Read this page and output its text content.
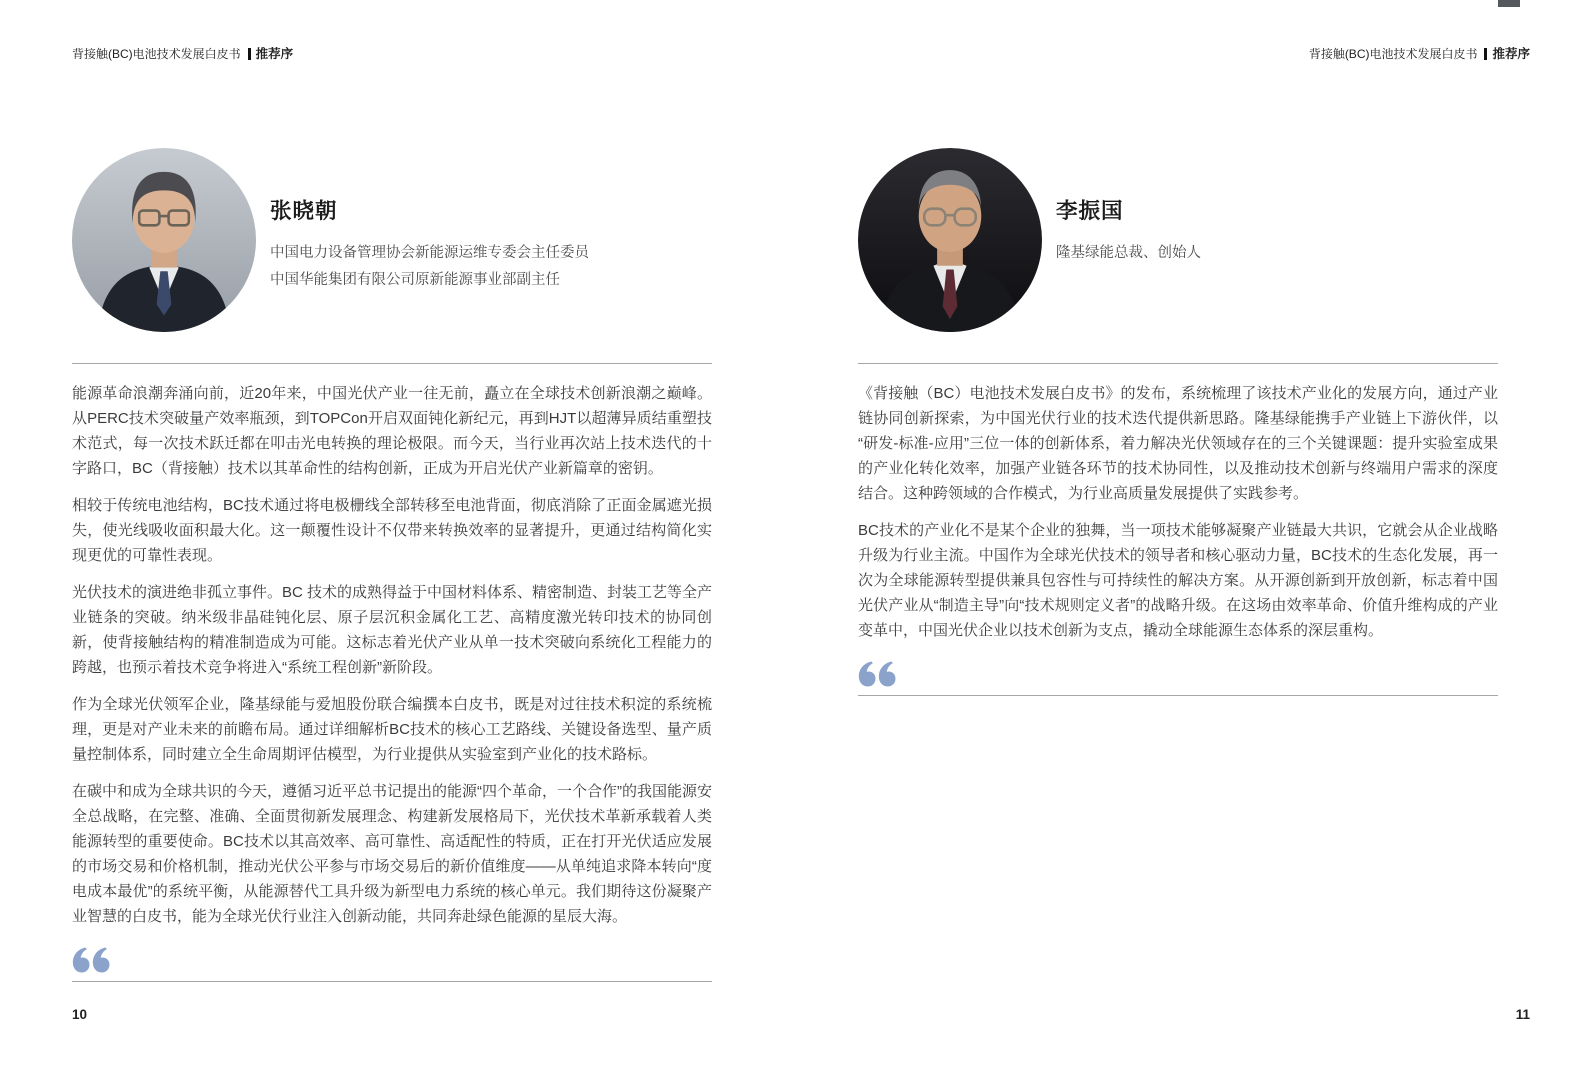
背接触(BC)电池技术发展白皮书 推荐序
张晓朝
中国电力设备管理协会新能源运维专委会主任委员
中国华能集团有限公司原新能源事业部副主任

能源革命浪潮奔涌向前，近20年来，中国光伏产业一往无前，矗立在全球技术创新浪潮之巅峰。从PERC技术突破量产效率瓶颈，到TOPCon开启双面钝化新纪元，再到HJT以超薄异质结重塑技术范式，每一次技术跃迁都在叩击光电转换的理论极限。而今天，当行业再次站上技术迭代的十字路口，BC（背接触）技术以其革命性的结构创新，正成为开启光伏产业新篇章的密钥。

相较于传统电池结构，BC技术通过将电极栅线全部转移至电池背面，彻底消除了正面金属遮光损失，使光线吸收面积最大化。这一颠覆性设计不仅带来转换效率的显著提升，更通过结构简化实现更优的可靠性表现。

光伏技术的演进绝非孤立事件。BC 技术的成熟得益于中国材料体系、精密制造、封装工艺等全产业链条的突破。纳米级非晶硅钝化层、原子层沉积金属化工艺、高精度激光转印技术的协同创新，使背接触结构的精准制造成为可能。这标志着光伏产业从单一技术突破向系统化工程能力的跨越，也预示着技术竞争将进入“系统工程创新”新阶段。

作为全球光伏领军企业，隆基绿能与爱旭股份联合编撰本白皮书，既是对过往技术积淀的系统梳理，更是对产业未来的前瞻布局。通过详细解析BC技术的核心工艺路线、关键设备选型、量产质量控制体系，同时建立全生命周期评估模型，为行业提供从实验室到产业化的技术路标。

在碳中和成为全球共识的今天，遵循习近平总书记提出的能源“四个革命，一个合作”的我国能源安全总战略，在完整、准确、全面贯彻新发展理念、构建新发展格局下，光伏技术革新承载着人类能源转型的重要使命。BC技术以其高效率、高可靠性、高适配性的特质，正在打开光伏适应发展的市场交易和价格机制，推动光伏公平参与市场交易后的新价值维度——从单纯追求降本转向“度电成本最优”的系统平衡，从能源替代工具升级为新型电力系统的核心单元。我们期待这份凝聚产业智慧的白皮书，能为全球光伏行业注入创新动能，共同奔赴绿色能源的星辰大海。

10
背接触(BC)电池技术发展白皮书 推荐序
李振国
隆基绿能总裁、创始人

《背接触（BC）电池技术发展白皮书》的发布，系统梳理了该技术产业化的发展方向，通过产业链协同创新探索，为中国光伏行业的技术迭代提供新思路。隆基绿能携手产业链上下游伙伴，以“研发-标准-应用”三位一体的创新体系，着力解决光伏领域存在的三个关键课题：提升实验室成果的产业化转化效率，加强产业链各环节的技术协同性，以及推动技术创新与终端用户需求的深度结合。这种跨领域的合作模式，为行业高质量发展提供了实践参考。

BC技术的产业化不是某个企业的独舞，当一项技术能够凝聚产业链最大共识，它就会从企业战略升级为行业主流。中国作为全球光伏技术的领导者和核心驱动力量，BC技术的生态化发展，再一次为全球能源转型提供兼具包容性与可持续性的解决方案。从开源创新到开放创新，标志着中国光伏产业从“制造主导”向“技术规则定义者”的战略升级。在这场由效率革命、价值升维构成的产业变革中，中国光伏企业以技术创新为支点，撬动全球能源生态体系的深层重构。

11
